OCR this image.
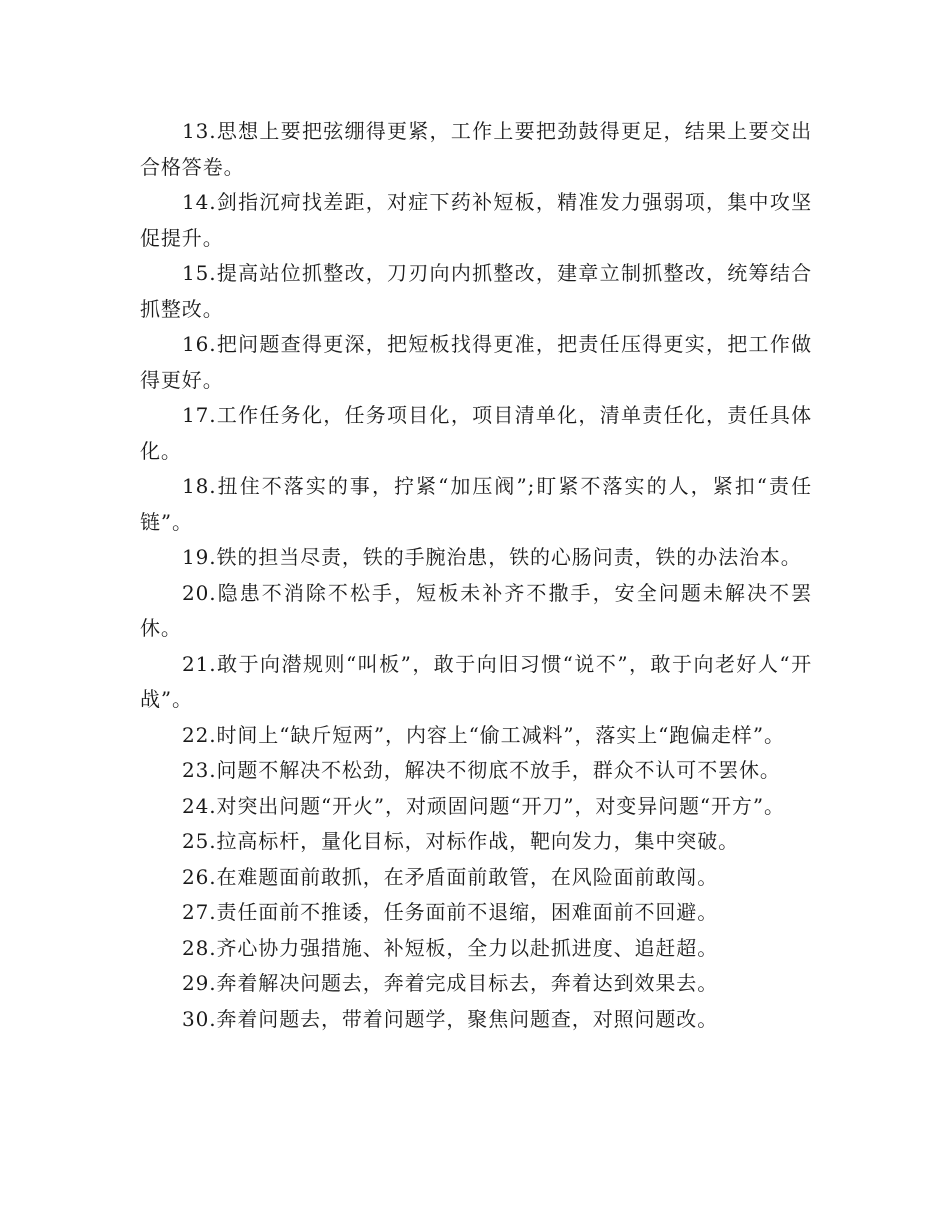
13.思想上要把弦绷得更紧，工作上要把劲鼓得更足，结果上要交出合格答卷。

14.剑指沉疴找差距，对症下药补短板，精准发力强弱项，集中攻坚促提升。

15.提高站位抓整改，刀刃向内抓整改，建章立制抓整改，统筹结合抓整改。

16.把问题查得更深，把短板找得更准，把责任压得更实，把工作做得更好。

17.工作任务化，任务项目化，项目清单化，清单责任化，责任具体化。

18.扭住不落实的事，拧紧“加压阀”;盯紧不落实的人，紧扣“责任链”。

19.铁的担当尽责，铁的手腕治患，铁的心肠问责，铁的办法治本。

20.隐患不消除不松手，短板未补齐不撒手，安全问题未解决不罢休。

21.敢于向潜规则“叫板”，敢于向旧习惯“说不”，敢于向老好人“开战”。

22.时间上“缺斤短两”，内容上“偷工减料”，落实上“跑偏走样”。

23.问题不解决不松劲，解决不彻底不放手，群众不认可不罢休。

24.对突出问题“开火”，对顽固问题“开刀”，对变异问题“开方”。

25.拉高标杆，量化目标，对标作战，靶向发力，集中突破。

26.在难题面前敢抓，在矛盾面前敢管，在风险面前敢闯。

27.责任面前不推诿，任务面前不退缩，困难面前不回避。

28.齐心协力强措施、补短板，全力以赴抓进度、追赶超。

29.奔着解决问题去，奔着完成目标去，奔着达到效果去。

30.奔着问题去，带着问题学，聚焦问题查，对照问题改。
